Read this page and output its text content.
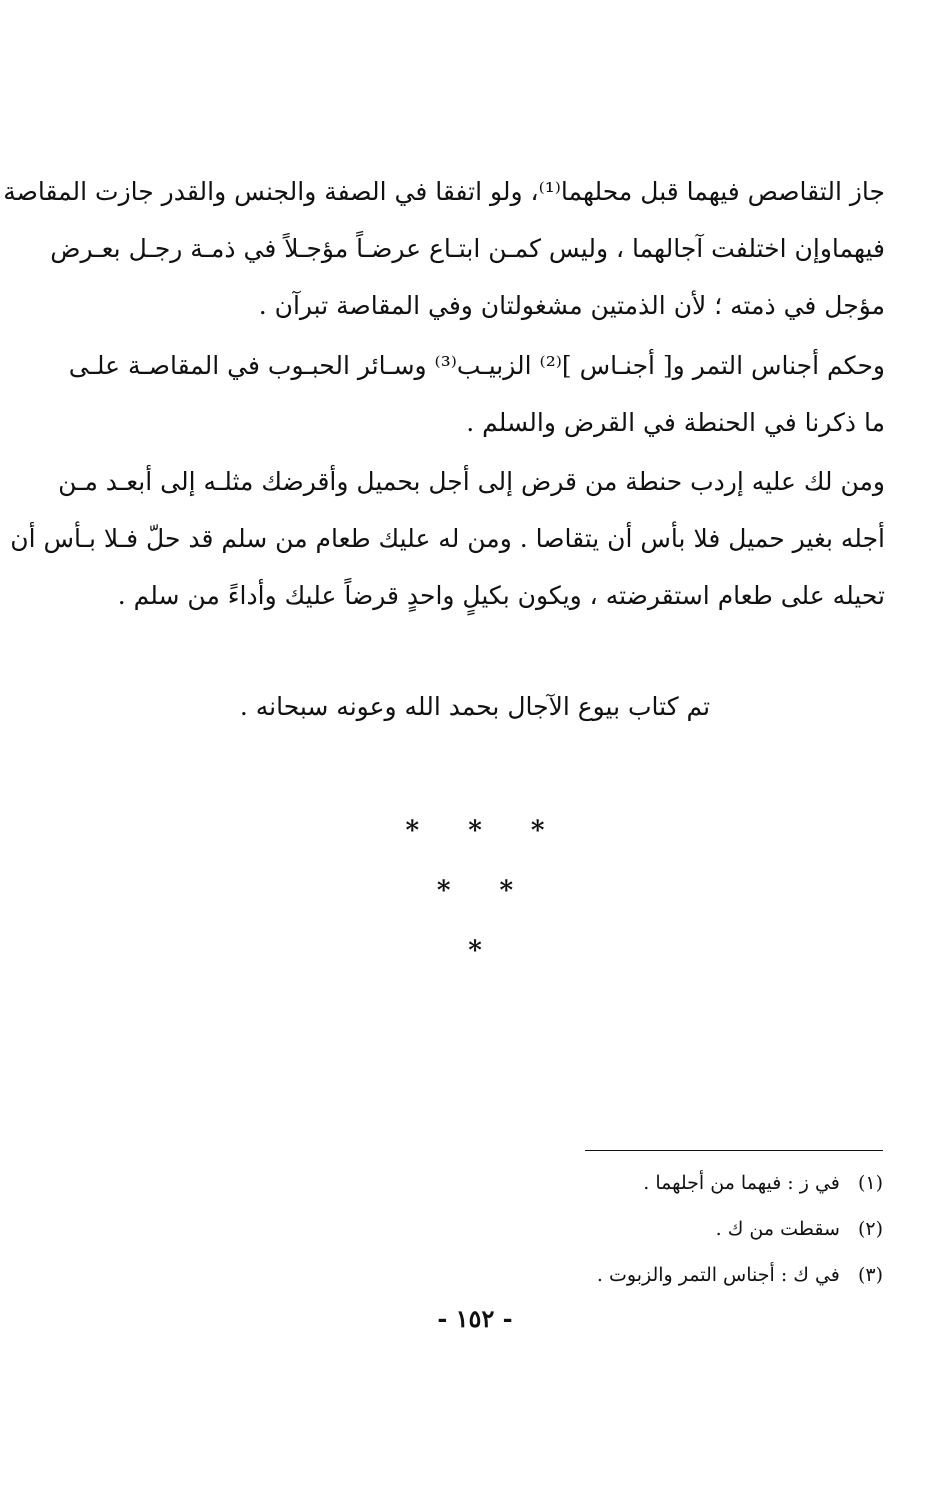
جاز التقاصص فيهما قبل محلهما⁽¹⁾، ولو اتفقا في الصفة والجنس والقدر جازت المقاصة
فيهماوإن اختلفت آجالهما ، وليس كمـن ابتـاع عرضـاً مؤجـلاً في ذمـة رجـل بعـرض
مؤجل في ذمته ؛ لأن الذمتين مشغولتان وفي المقاصة تبرآن .
وحكم أجناس التمر و[ أجنـاس ]⁽²⁾ الزبيـب⁽³⁾ وسـائر الحبـوب في المقاصـة علـى
ما ذكرنا في الحنطة في القرض والسلم .
ومن لك عليه إردب حنطة من قرض إلى أجل بحميل وأقرضك مثلـه إلى أبعـد مـن
أجله بغير حميل فلا بأس أن يتقاصا . ومن له عليك طعام من سلم قد حلّ فـلا بـأس أن
تحيله على طعام استقرضته ، ويكون بكيلٍ واحدٍ قرضاً عليك وأداءً من سلم .
تم كتاب بيوع الآجال بحمد الله وعونه سبحانه .
* * *
* *
*
(١) في ز : فيهما من أجلهما .
(٢) سقطت من ك .
(٣) في ك : أجناس التمر والزبوت .
- ١٥٢ -
